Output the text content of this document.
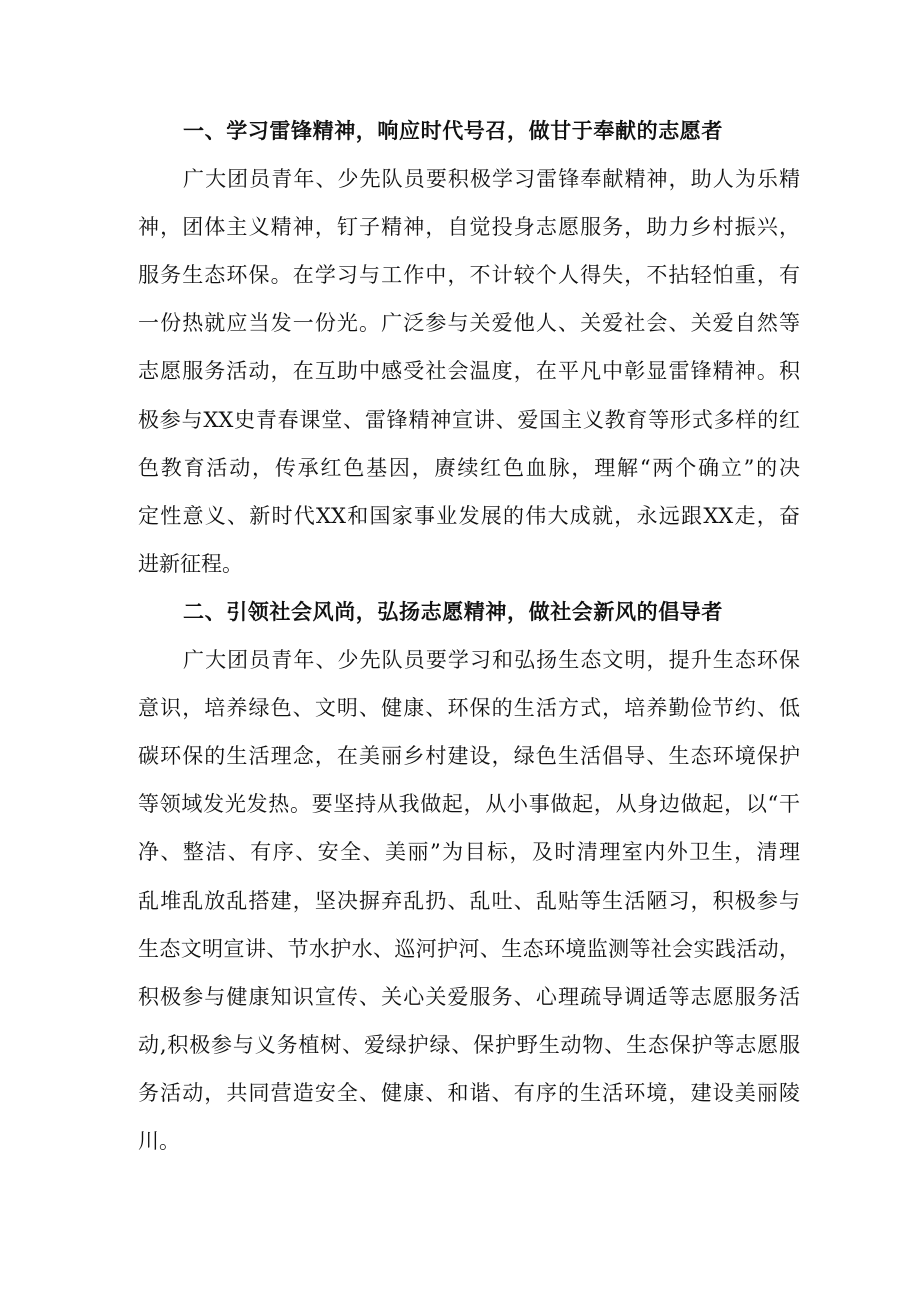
一、学习雷锋精神，响应时代号召，做甘于奉献的志愿者
广大团员青年、少先队员要积极学习雷锋奉献精神，助人为乐精
神，团体主义精神，钉子精神，自觉投身志愿服务，助力乡村振兴，
服务生态环保。在学习与工作中，不计较个人得失，不拈轻怕重，有
一份热就应当发一份光。广泛参与关爱他人、关爱社会、关爱自然等
志愿服务活动，在互助中感受社会温度，在平凡中彰显雷锋精神。积
极参与XX史青春课堂、雷锋精神宣讲、爱国主义教育等形式多样的红
色教育活动，传承红色基因，赓续红色血脉，理解“两个确立”的决
定性意义、新时代XX和国家事业发展的伟大成就，永远跟XX走，奋
进新征程。
二、引领社会风尚，弘扬志愿精神，做社会新风的倡导者
广大团员青年、少先队员要学习和弘扬生态文明，提升生态环保
意识，培养绿色、文明、健康、环保的生活方式，培养勤俭节约、低
碳环保的生活理念，在美丽乡村建设，绿色生活倡导、生态环境保护
等领域发光发热。要坚持从我做起，从小事做起，从身边做起，以“干
净、整洁、有序、安全、美丽”为目标，及时清理室内外卫生，清理
乱堆乱放乱搭建，坚决摒弃乱扔、乱吐、乱贴等生活陋习，积极参与
生态文明宣讲、节水护水、巡河护河、生态环境监测等社会实践活动，
积极参与健康知识宣传、关心关爱服务、心理疏导调适等志愿服务活
动,积极参与义务植树、爱绿护绿、保护野生动物、生态保护等志愿服
务活动，共同营造安全、健康、和谐、有序的生活环境，建设美丽陵
川。
